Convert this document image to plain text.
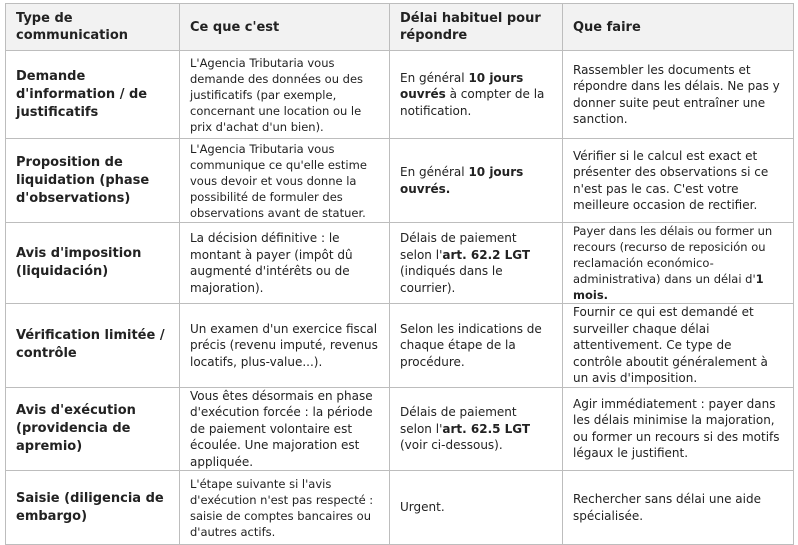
Type de communication	Ce que c'est	Délai habituel pour répondre	Que faire
Demande d'information / de justificatifs	L'Agencia Tributaria vous demande des données ou des justificatifs (par exemple, concernant une location ou le prix d'achat d'un bien).	En général 10 jours ouvrés à compter de la notification.	Rassembler les documents et répondre dans les délais. Ne pas y donner suite peut entraîner une sanction.
Proposition de liquidation (phase d'observations)	L'Agencia Tributaria vous communique ce qu'elle estime vous devoir et vous donne la possibilité de formuler des observations avant de statuer.	En général 10 jours ouvrés.	Vérifier si le calcul est exact et présenter des observations si ce n'est pas le cas. C'est votre meilleure occasion de rectifier.
Avis d'imposition (liquidación)	La décision définitive : le montant à payer (impôt dû augmenté d'intérêts ou de majoration).	Délais de paiement selon l'art. 62.2 LGT (indiqués dans le courrier).	Payer dans les délais ou former un recours (recurso de reposición ou reclamación económico-administrativa) dans un délai d'1 mois.
Vérification limitée / contrôle	Un examen d'un exercice fiscal précis (revenu imputé, revenus locatifs, plus-value...).	Selon les indications de chaque étape de la procédure.	Fournir ce qui est demandé et surveiller chaque délai attentivement. Ce type de contrôle aboutit généralement à un avis d'imposition.
Avis d'exécution (providencia de apremio)	Vous êtes désormais en phase d'exécution forcée : la période de paiement volontaire est écoulée. Une majoration est appliquée.	Délais de paiement selon l'art. 62.5 LGT (voir ci-dessous).	Agir immédiatement : payer dans les délais minimise la majoration, ou former un recours si des motifs légaux le justifient.
Saisie (diligencia de embargo)	L'étape suivante si l'avis d'exécution n'est pas respecté : saisie de comptes bancaires ou d'autres actifs.	Urgent.	Rechercher sans délai une aide spécialisée.
